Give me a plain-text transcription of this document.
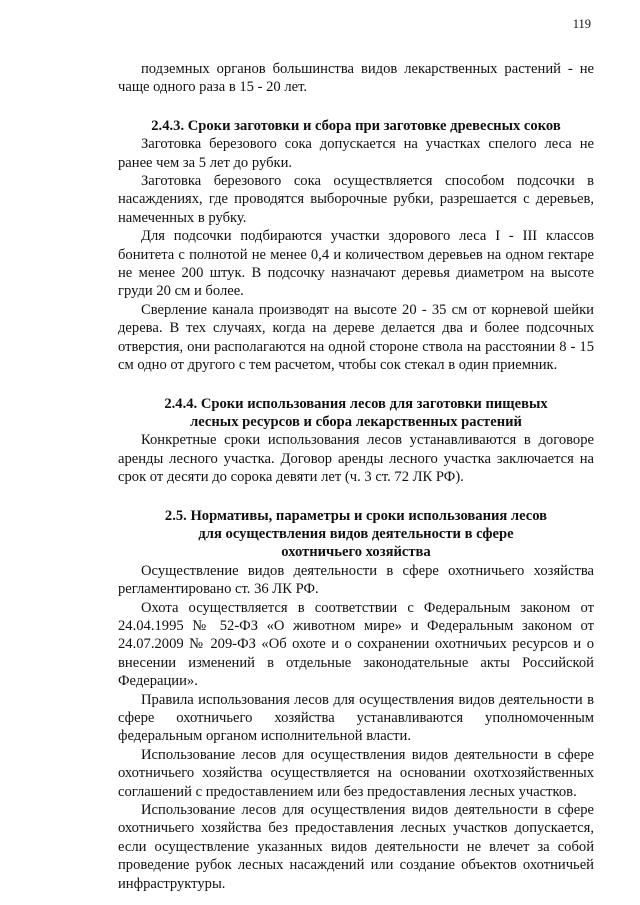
119

подземных органов большинства видов лекарственных растений - не чаще одного раза в 15 - 20 лет.

2.4.3. Сроки заготовки и сбора при заготовке древесных соков

Заготовка березового сока допускается на участках спелого леса не ранее чем за 5 лет до рубки.

Заготовка березового сока осуществляется способом подсочки в насаждениях, где проводятся выборочные рубки, разрешается с деревьев, намеченных в рубку.

Для подсочки подбираются участки здорового леса I - III классов бонитета с полнотой не менее 0,4 и количеством деревьев на одном гектаре не менее 200 штук. В подсочку назначают деревья диаметром на высоте груди 20 см и более.

Сверление канала производят на высоте 20 - 35 см от корневой шейки дерева. В тех случаях, когда на дереве делается два и более подсочных отверстия, они располагаются на одной стороне ствола на расстоянии 8 - 15 см одно от другого с тем расчетом, чтобы сок стекал в один приемник.

2.4.4. Сроки использования лесов для заготовки пищевых
лесных ресурсов и сбора лекарственных растений

Конкретные сроки использования лесов устанавливаются в договоре аренды лесного участка. Договор аренды лесного участка заключается на срок от десяти до сорока девяти лет (ч. 3 ст. 72 ЛК РФ).

2.5. Нормативы, параметры и сроки использования лесов
для осуществления видов деятельности в сфере
охотничьего хозяйства

Осуществление видов деятельности в сфере охотничьего хозяйства регламентировано ст. 36 ЛК РФ.

Охота осуществляется в соответствии с Федеральным законом от 24.04.1995 № 52-ФЗ «О животном мире» и Федеральным законом от 24.07.2009 № 209-ФЗ «Об охоте и о сохранении охотничьих ресурсов и о внесении изменений в отдельные законодательные акты Российской Федерации».

Правила использования лесов для осуществления видов деятельности в сфере охотничьего хозяйства устанавливаются уполномоченным федеральным органом исполнительной власти.

Использование лесов для осуществления видов деятельности в сфере охотничьего хозяйства осуществляется на основании охотхозяйственных соглашений с предоставлением или без предоставления лесных участков.

Использование лесов для осуществления видов деятельности в сфере охотничьего хозяйства без предоставления лесных участков допускается, если осуществление указанных видов деятельности не влечет за собой проведение рубок лесных насаждений или создание объектов охотничьей инфраструктуры.
